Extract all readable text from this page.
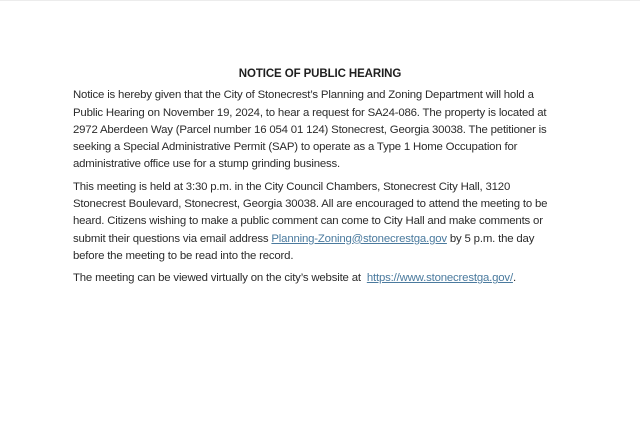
NOTICE OF PUBLIC HEARING

Notice is hereby given that the City of Stonecrest’s Planning and Zoning Department will hold a
Public Hearing on November 19, 2024, to hear a request for SA24-086. The property is located at
2972 Aberdeen Way (Parcel number 16 054 01 124) Stonecrest, Georgia 30038. The petitioner is
seeking a Special Administrative Permit (SAP) to operate as a Type 1 Home Occupation for
administrative office use for a stump grinding business.

This meeting is held at 3:30 p.m. in the City Council Chambers, Stonecrest City Hall, 3120
Stonecrest Boulevard, Stonecrest, Georgia 30038. All are encouraged to attend the meeting to be
heard. Citizens wishing to make a public comment can come to City Hall and make comments or
submit their questions via email address Planning-Zoning@stonecrestga.gov by 5 p.m. the day
before the meeting to be read into the record.

The meeting can be viewed virtually on the city’s website at https://www.stonecrestga.gov/.
